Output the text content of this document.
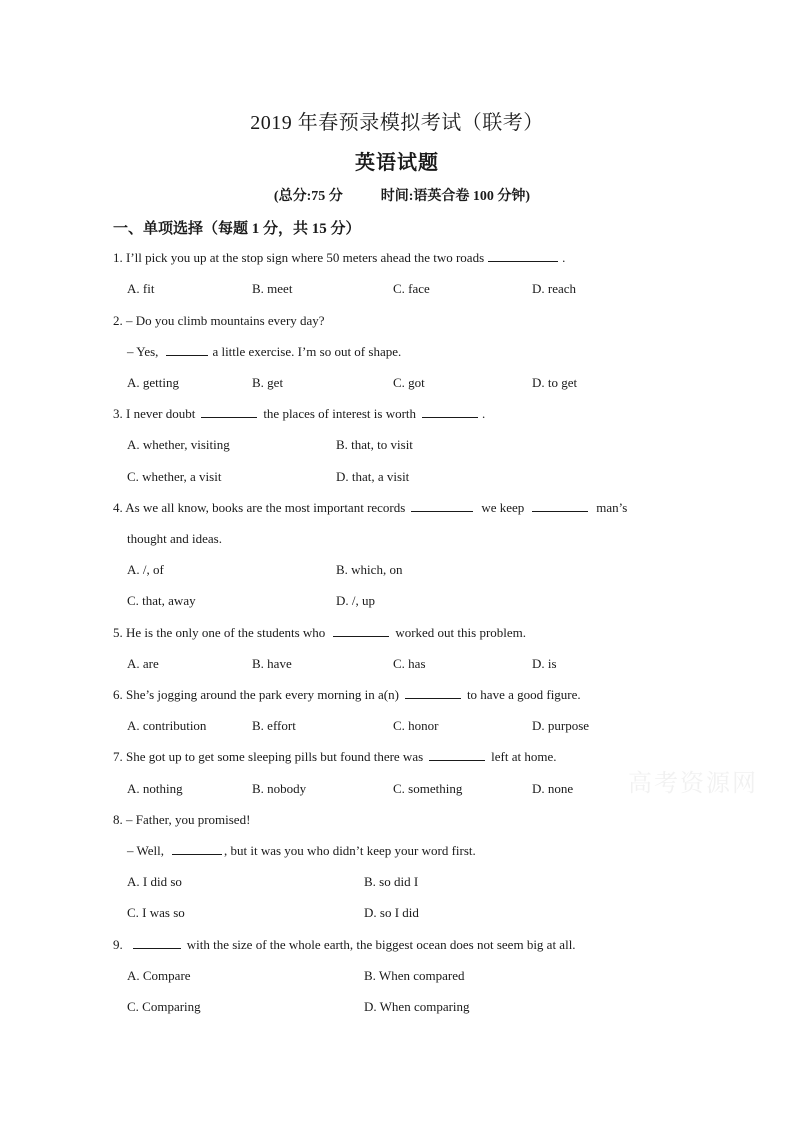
2019 年春预录模拟考试（联考）
英语试题
(总分:75 分	时间:语英合卷 100 分钟)
一、单项选择（每题 1 分，共 15 分）
1. I’ll pick you up at the stop sign where 50 meters ahead the two roads	.
A. fit	B. meet	C. face	D. reach
2. – Do you climb mountains every day?
– Yes,	a little exercise. I’m so out of shape.
A. getting	B. get	C. got	D. to get
3. I never doubt	the places of interest is worth	.
A. whether, visiting	B. that, to visit
C. whether, a visit	D. that, a visit
4. As we all know, books are the most important records	we keep	man’s
thought and ideas.
A. /, of	B. which, on
C. that, away	D. /, up
5. He is the only one of the students who	worked out this problem.
A. are	B. have	C. has	D. is
6. She’s jogging around the park every morning in a(n)	to have a good figure.
A. contribution	B. effort	C. honor	D. purpose
7. She got up to get some sleeping pills but found there was	left at home.
A. nothing	B. nobody	C. something	D. none
8. – Father, you promised!
– Well,	, but it was you who didn’t keep your word first.
A. I did so	B. so did I
C. I was so	D. so I did
9.	with the size of the whole earth, the biggest ocean does not seem big at all.
A. Compare	B. When compared
C. Comparing	D. When comparing
高考资源网
